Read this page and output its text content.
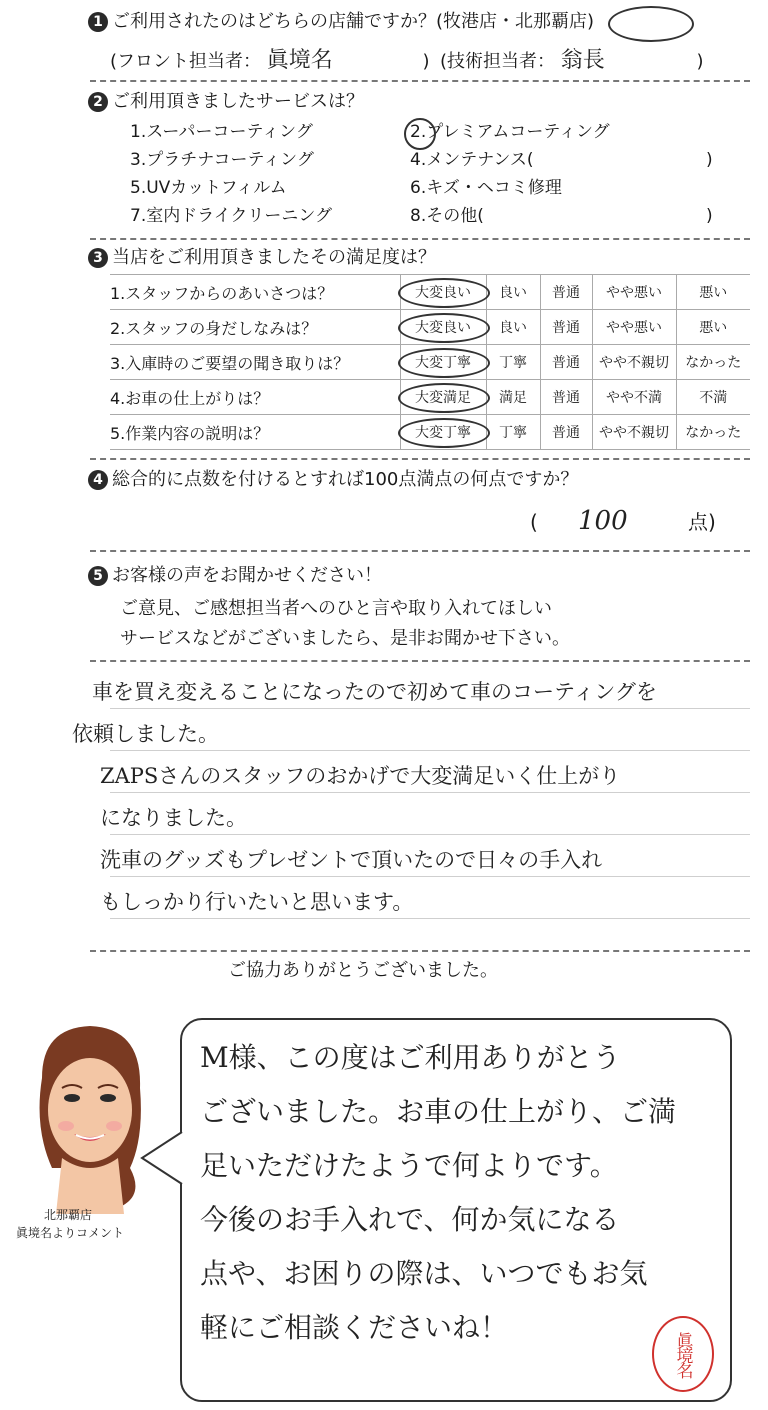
1 ご利用されたのはどちらの店舗ですか？(牧港店・北那覇店)
(フロント担当者： 眞境名	) (技術担当者： 翁長	)
2 ご利用頂きましたサービスは？
1.スーパーコーティング	2.プレミアムコーティング
3.プラチナコーティング	4.メンテナンス(	)
5.UVカットフィルム	6.キズ・ヘコミ修理
7.室内ドライクリーニング	8.その他(	)
3 当店をご利用頂きましたその満足度は？
1.スタッフからのあいさつは？	大変良い	良い	普通	やや悪い	悪い
2.スタッフの身だしなみは？	大変良い	良い	普通	やや悪い	悪い
3.入庫時のご要望の聞き取りは？	大変丁寧	丁寧	普通	やや不親切	なかった
4.お車の仕上がりは？	大変満足	満足	普通	やや不満	不満
5.作業内容の説明は？	大変丁寧	丁寧	普通	やや不親切	なかった
4 総合的に点数を付けるとすれば100点満点の何点ですか？
( 100	点)
5 お客様の声をお聞かせください！
ご意見、ご感想担当者へのひと言や取り入れてほしい
サービスなどがございましたら、是非お聞かせ下さい。
車を買え変えることになったので初めて車のコーティングを
依頼しました。
ZAPSさんのスタッフのおかげで大変満足いく仕上がり
になりました。
洗車のグッズもプレゼントで頂いたので日々の手入れ
もしっかり行いたいと思います。
ご協力ありがとうございました。
北那覇店
眞境名よりコメント
M様、この度はご利用ありがとう
ございました。お車の仕上がり、ご満
足いただけたようで何よりです。
今後のお手入れで、何か気になる
点や、お困りの際は、いつでもお気
軽にご相談くださいね！
眞境名
